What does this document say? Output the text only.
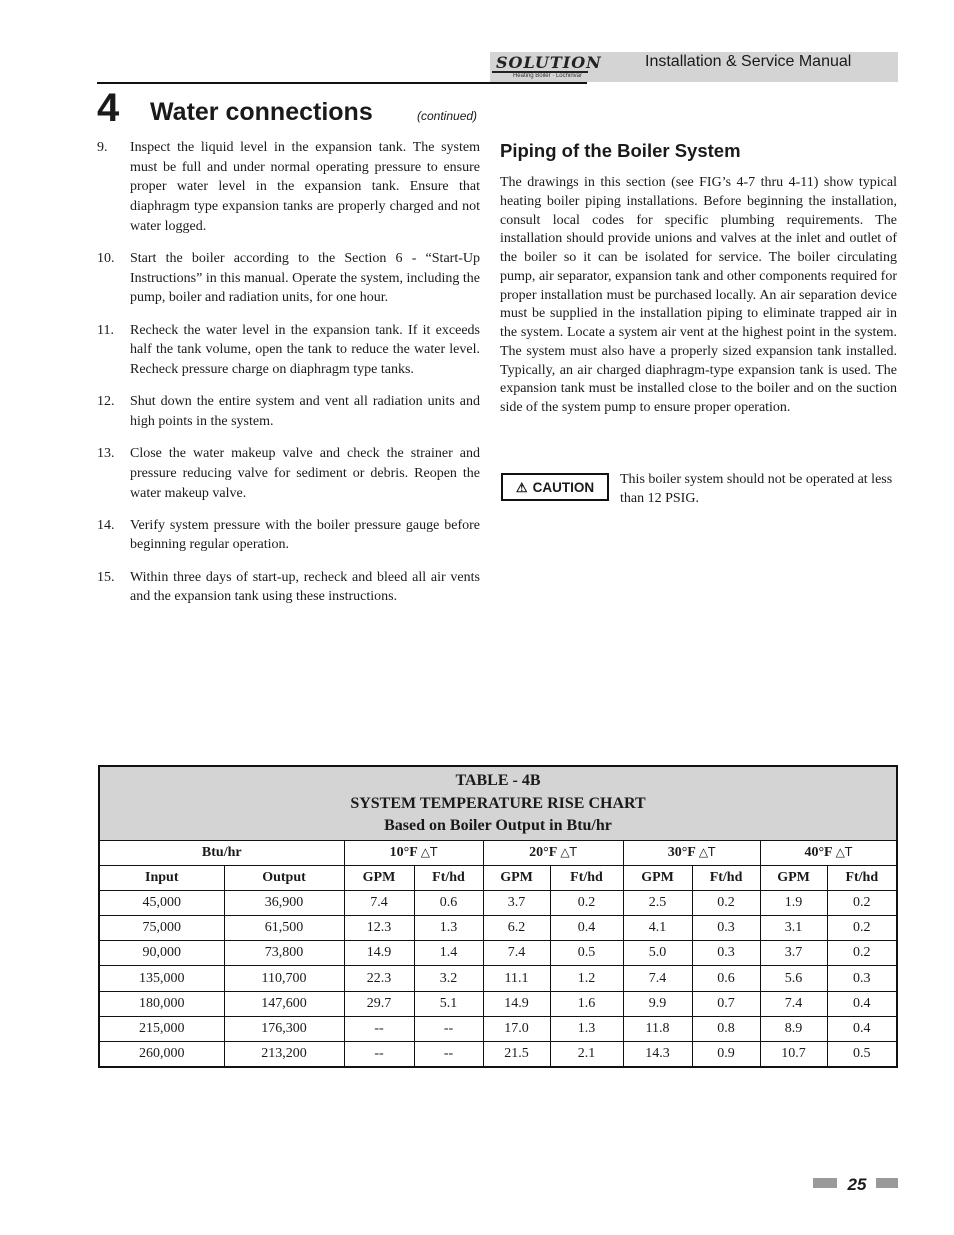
SOLUTION
Heating Boiler · Lochinvar
Installation & Service Manual
4 Water connections	(continued)
9.	Inspect the liquid level in the expansion tank. The system must be full and under normal operating pressure to ensure proper water level in the expansion tank. Ensure that diaphragm type expansion tanks are properly charged and not water logged.
10.	Start the boiler according to the Section 6 - “Start-Up Instructions” in this manual. Operate the system, including the pump, boiler and radiation units, for one hour.
11.	Recheck the water level in the expansion tank. If it exceeds half the tank volume, open the tank to reduce the water level. Recheck pressure charge on diaphragm type tanks.
12.	Shut down the entire system and vent all radiation units and high points in the system.
13.	Close the water makeup valve and check the strainer and pressure reducing valve for sediment or debris. Reopen the water makeup valve.
14.	Verify system pressure with the boiler pressure gauge before beginning regular operation.
15.	Within three days of start-up, recheck and bleed all air vents and the expansion tank using these instructions.
Piping of the Boiler System

The drawings in this section (see FIG’s 4-7 thru 4-11) show typical heating boiler piping installations. Before beginning the installation, consult local codes for specific plumbing requirements. The installation should provide unions and valves at the inlet and outlet of the boiler so it can be isolated for service. The boiler circulating pump, air separator, expansion tank and other components required for proper installation must be purchased locally. An air separation device must be supplied in the installation piping to eliminate trapped air in the system. Locate a system air vent at the highest point in the system. The system must also have a properly sized expansion tank installed. Typically, an air charged diaphragm-type expansion tank is used. The expansion tank must be installed close to the boiler and on the suction side of the system pump to ensure proper operation.

⚠ CAUTION This boiler system should not be operated at less than 12 PSIG.
TABLE - 4B
SYSTEM TEMPERATURE RISE CHART
Based on Boiler Output in Btu/hr
Btu/hr		10°F △T		20°F △T		30°F △T		40°F △T	
Input	Output	GPM	Ft/hd	GPM	Ft/hd	GPM	Ft/hd	GPM	Ft/hd
45,000	36,900	7.4	0.6	3.7	0.2	2.5	0.2	1.9	0.2
75,000	61,500	12.3	1.3	6.2	0.4	4.1	0.3	3.1	0.2
90,000	73,800	14.9	1.4	7.4	0.5	5.0	0.3	3.7	0.2
135,000	110,700	22.3	3.2	11.1	1.2	7.4	0.6	5.6	0.3
180,000	147,600	29.7	5.1	14.9	1.6	9.9	0.7	7.4	0.4
215,000	176,300	--	--	17.0	1.3	11.8	0.8	8.9	0.4
260,000	213,200	--	--	21.5	2.1	14.3	0.9	10.7	0.5
25
